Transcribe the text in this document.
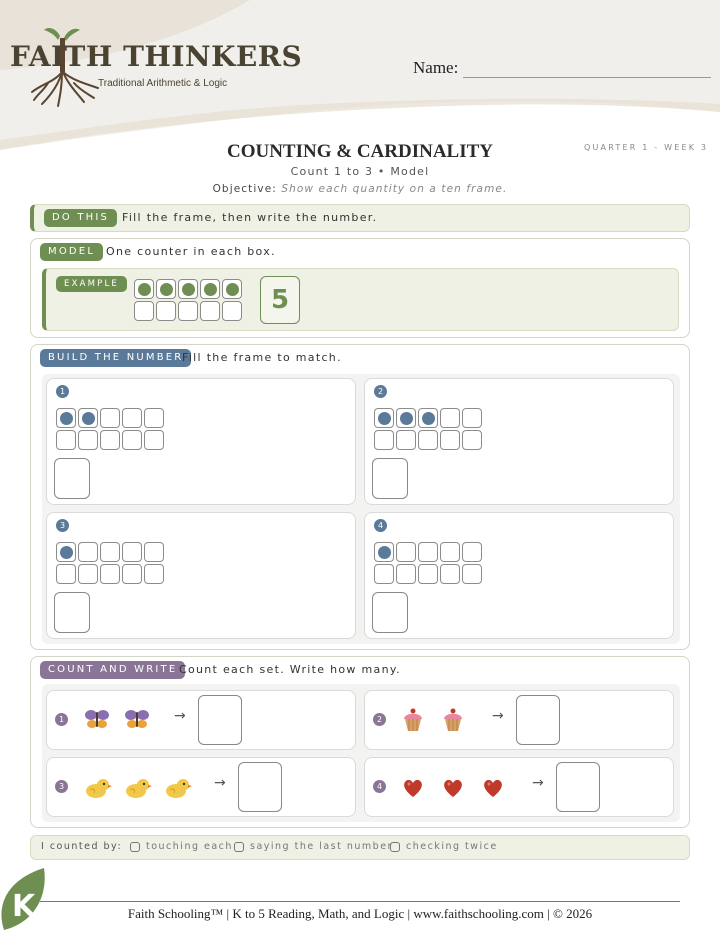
FAITH THINKERS
Traditional Arithmetic & Logic
Name:
COUNTING & CARDINALITY
Count 1 to 3 • Model
Objective: Show each quantity on a ten frame.
QUARTER 1 - WEEK 3
DO THIS	Fill the frame, then write the number.
MODEL One counter in each box.
EXAMPLE
5
BUILD THE NUMBER
Fill the frame to match.
1	2
3	4
COUNT AND WRITE Count each set. Write how many.
1	→	2	→
3	→	4	→
I counted by:	touching each saying the last number checking twice
K	Faith Schooling™ | K to 5 Reading, Math, and Logic | www.faithschooling.com | © 2026
